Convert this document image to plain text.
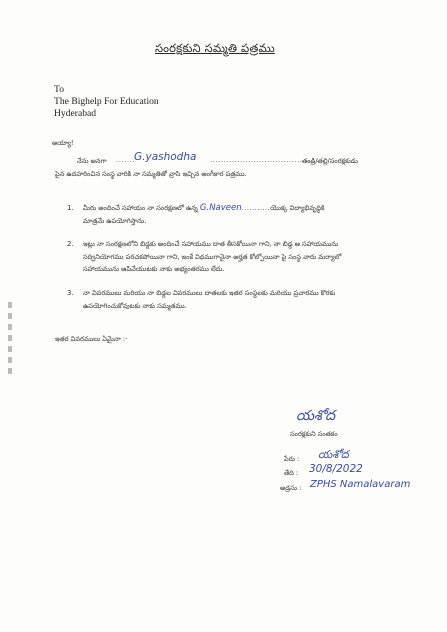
సంరక్షకుని సమ్మతి పత్రము
To
The Bighelp For Education
Hyderabad
అయ్యా!
నేను అనగా .......
G.yashodha ........................................
తండ్రి/తల్లి/సంరక్షకుడు
పైన ఉదహరించిన సంస్థ వారికి నా సమ్మతితో వ్రాసి ఇచ్చిన అంగీకార పత్రము.
1. మీరు అందించే సహాయం నా సంరక్షణలో ఉన్న G.Naveen...........యొక్క విద్యాభివృద్ధికి
మాత్రమే ఉపయోగిస్తాను.
2. ఇట్లు నా సంరక్షణలోని బిడ్డకు అందించే సహాయము దాత తీసకోయినా గాని, నా బిడ్డ ఆ సహాయమును
సద్వినియోగము పరచకపోయినా గాని, ఇంకే విధముగానైనా అర్హత కోల్పోయినా పై సంస్థ వారు మర్యాలో
సహాయమును ఆపివేయుటకు నాకు అభ్యంతరము లేదు.
3. నా వివరములు మరియు నా బిడ్డల వివరములు దాతలకు ఇతర సంస్థలకు మరియు ప్రచారము కొరకు
ఉపయోగించుకోవుటకు నాకు సమ్మతము.
ఇతర వివరములు ఏమైనా :-
యశోద
సంరక్షకుని సంతకం
పేరు : యశోద
తేది : 30/8/2022
అడ్రసు : ZPHS Namalavaram
